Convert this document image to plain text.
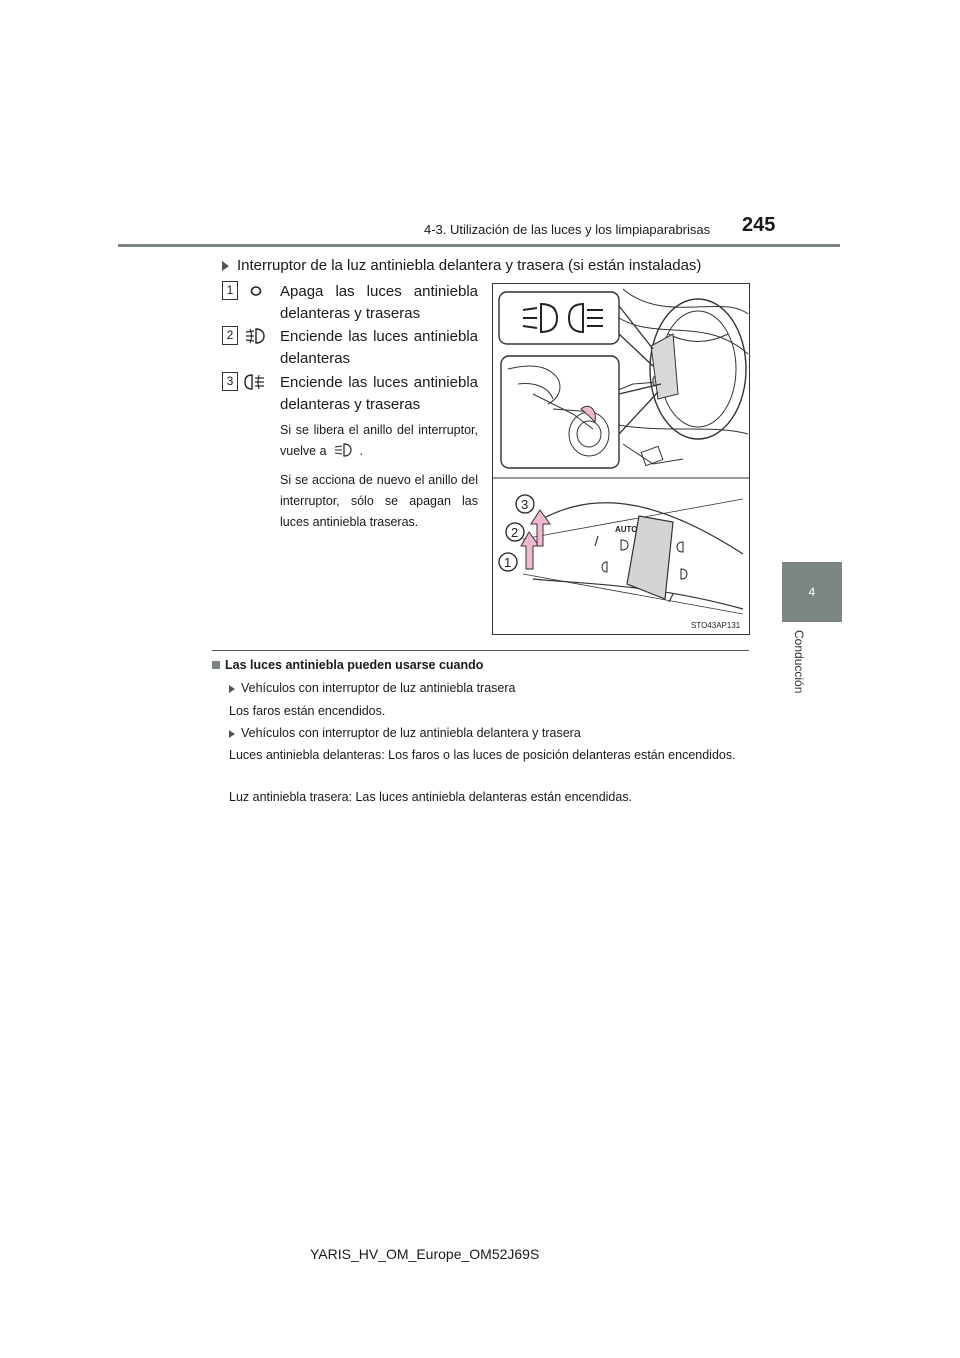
4-3. Utilización de las luces y los limpiaparabrisas 245
4
Conducción
Interruptor de la luz antiniebla delantera y trasera (si están instaladas)
1	Apaga las luces antiniebla delanteras y traseras
2	Enciende las luces antiniebla delanteras
3	Enciende las luces antiniebla delanteras y traseras
Si se libera el anillo del interruptor, vuelve a	.
Si se acciona de nuevo el anillo del interruptor, sólo se apagan las luces antiniebla traseras.
AUTO
3
2
1
STO43AP131
Las luces antiniebla pueden usarse cuando
Vehículos con interruptor de luz antiniebla trasera
Los faros están encendidos.
Vehículos con interruptor de luz antiniebla delantera y trasera
Luces antiniebla delanteras: Los faros o las luces de posición delanteras están encendidos.
Luz antiniebla trasera: Las luces antiniebla delanteras están encendidas.
YARIS_HV_OM_Europe_OM52J69S
